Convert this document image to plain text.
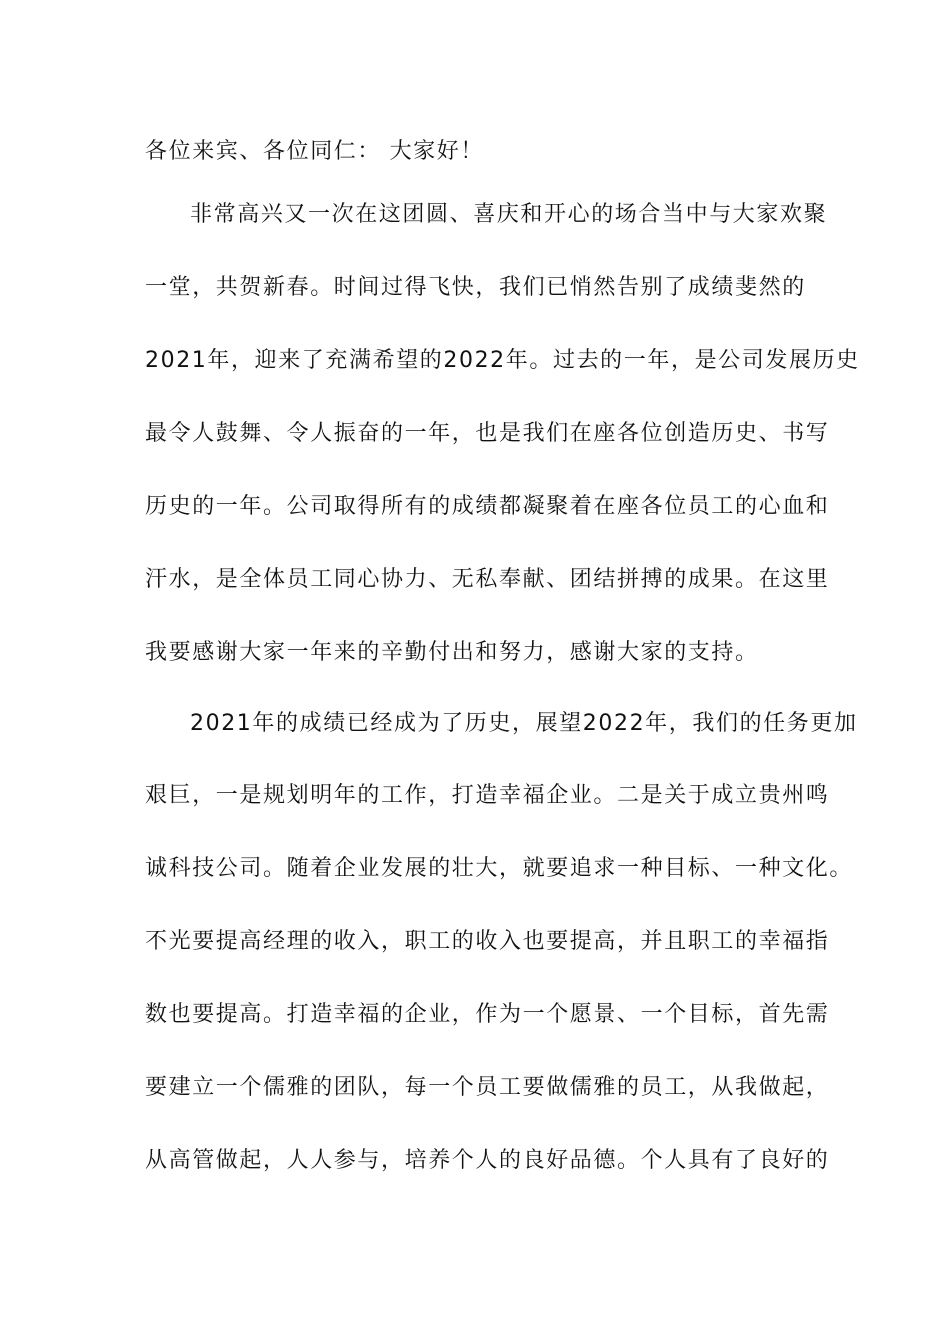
各位来宾、各位同仁： 大家好！
非常高兴又一次在这团圆、喜庆和开心的场合当中与大家欢聚
一堂，共贺新春。时间过得飞快，我们已悄然告别了成绩斐然的
2021年，迎来了充满希望的2022年。过去的一年，是公司发展历史
最令人鼓舞、令人振奋的一年，也是我们在座各位创造历史、书写
历史的一年。公司取得所有的成绩都凝聚着在座各位员工的心血和
汗水，是全体员工同心协力、无私奉献、团结拼搏的成果。在这里
我要感谢大家一年来的辛勤付出和努力，感谢大家的支持。
2021年的成绩已经成为了历史，展望2022年，我们的任务更加
艰巨，一是规划明年的工作，打造幸福企业。二是关于成立贵州鸣
诚科技公司。随着企业发展的壮大，就要追求一种目标、一种文化。
不光要提高经理的收入，职工的收入也要提高，并且职工的幸福指
数也要提高。打造幸福的企业，作为一个愿景、一个目标，首先需
要建立一个儒雅的团队，每一个员工要做儒雅的员工，从我做起，
从高管做起，人人参与，培养个人的良好品德。个人具有了良好的
